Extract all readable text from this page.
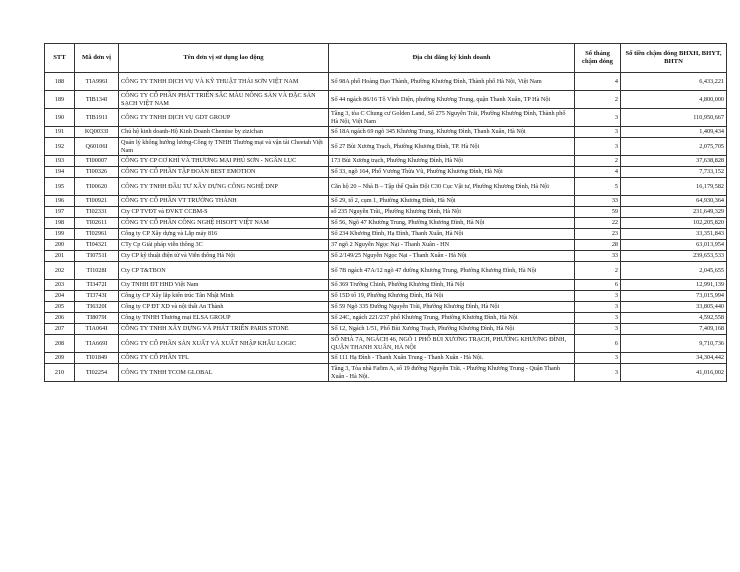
STT	Mã đơn vị	Tên đơn vị sử dụng lao động	Địa chỉ đăng ký kinh doanh	Số tháng chậm đóng	Số tiền chậm đóng BHXH, BHYT, BHTN
188	TIA996I	CÔNG TY TNHH DỊCH VỤ VÀ KỸ THUẬT THÁI SƠN VIỆT NAM	Số 98A phố Hoàng Đạo Thành, Phường Khương Đình, Thành phố Hà Nội, Việt Nam	4	6,433,221
189	TIB134I	CÔNG TY CỔ PHẦN PHÁT TRIỂN SẮC MÀU NÔNG SẢN VÀ ĐẶC SẢN SẠCH VIỆT NAM	Số 44 ngách 86/16 Tô Vĩnh Diện, phường Khương Trung, quận Thanh Xuân, TP Hà Nội	2	4,800,000
190	TIB191I	CÔNG TY TNHH DỊCH VỤ GDT GROUP	Tầng 3, tòa C Chung cư Golden Land, Số 275 Nguyễn Trãi, Phường Khương Đình, Thành phố Hà Nội, Việt Nam	3	110,950,667
191	KQ0033I	Chủ hộ kinh doanh-Hộ Kinh Doanh Chemise by zizichan	Số 18A ngách 69 ngõ 345 Khương Trung, Khương Đình, Thanh Xuân, Hà Nội	3	1,409,434
192	Q60106I	Quản lý không hưởng lương-Công ty TNHH Thương mại và vận tải Cheetah Việt Nam	Số 27 Bùi Xương Trạch, Phường Khương Đình, TP. Hà Nội	3	2,075,705
193	TI00007	CÔNG TY CP CƠ KHÍ VÀ THƯƠNG MẠI PHÚ SƠN - NGÂN LỤC	173 Bùi Xương trạch, Phường Khương Đình, Hà Nội	2	37,638,828
194	TI00326	CÔNG TY CỔ PHẦN TẬP ĐOÀN BEST EMOTION	Số 33, ngõ 164, Phố Vương Thừa Vũ, Phường Khương Đình, Hà Nội	4	7,733,152
195	TI00620	CÔNG TY TNHH ĐẦU TƯ XÂY DỰNG CÔNG NGHỆ DNP	Căn hộ 20 – Nhà B – Tập thể Quân Đội C30 Cục Vật tư, Phường Khương Đình, Hà Nội	5	16,179,582
196	TI00921	CÔNG TY CỔ PHẦN VT TRƯỜNG THÀNH	Số 29, tổ 2, cụm 1, Phường Khương Đình, Hà Nội	33	64,930,364
197	TI02331	Cty CP TVĐT và ĐVKT CCBM-S	số 235 Nguyễn Trãi,, Phường Khương Đình, Hà Nội	59	231,649,329
198	TI02611	CÔNG TY CỔ PHẦN CÔNG NGHỆ HISOFT VIỆT NAM	Số 56, Ngõ 47 Khương Trung, Phường Khương Đình, Hà Nội	22	102,205,820
199	TI02961	Công ty CP Xây dựng và Lắp máy 816	Số 234 Khương Đình, Hạ Đình, Thanh Xuân, Hà Nội	23	33,351,843
200	TI04321	CTy Cp Giải pháp viễn thông 3C	37 ngõ 2 Nguyễn Ngọc Nại - Thanh Xuân - HN	28	63,013,954
201	TI0751I	Cty CP kỹ thuật điện tử và Viễn thông Hà Nội	Số 2/149/25 Nguyễn Ngọc Nại - Thanh Xuân - Hà Nội	33	239,653,533
202	TI1028I	Cty CP T&TBON	Số 7B ngách 47A/12 ngõ 47 đường Khương Trung, Phường Khương Đình, Hà Nội	2	2,045,655
203	TI3472I	Cty TNHH ĐT HHD Việt Nam	Số 369 Trường Chinh, Phường Khương Đình, Hà Nội	6	12,991,139
204	TI3743I	Công ty CP Xây lắp kiến trúc Tân Nhật Minh	Số 15D tổ 19, Phường Khương Đình, Hà Nội	3	73,015,994
205	TI6320I	Công ty CP ĐT XD và nội thất An Thành	Số 59 Ngõ 335 Đường Nguyễn Trãi, Phường Khương Đình, Hà Nội	3	33,805,440
206	TI8079I	Công ty TNHH Thương mại ELSA GROUP	Số 24C, ngách 221/237 phố Khương Trung, Phường Khương Đình, Hà Nội	3	4,592,558
207	TIA064I	CÔNG TY TNHH XÂY DỰNG VÀ PHÁT TRIỂN PARIS STONE	Số 12, Ngách 1/51, Phố Bùi Xương Trạch, Phường Khương Đình, Hà Nội	3	7,409,168
208	TIA669I	CÔNG TY CỔ PHẦN SẢN XUẤT VÀ XUẤT NHẬP KHẨU LOGIC	SỐ NHÀ 7A, NGÁCH 46, NGÕ 1 PHỐ BÙI XƯƠNG TRẠCH, PHƯỜNG KHƯƠNG ĐÌNH, QUẬN THANH XUÂN, HÀ NỘI	6	9,710,736
209	TI01849	CÔNG TY CỔ PHẦN TFL	Số 111 Hạ Đình - Thanh Xuân Trung - Thanh Xuân - Hà Nội.	3	34,304,442
210	TI02254	CÔNG TY TNHH TCOM GLOBAL	Tầng 3, Tòa nhà Fafim A, số 19 đường Nguyễn Trãi. - Phường Khương Trung - Quận Thanh Xuân - Hà Nội.	3	41,016,002
